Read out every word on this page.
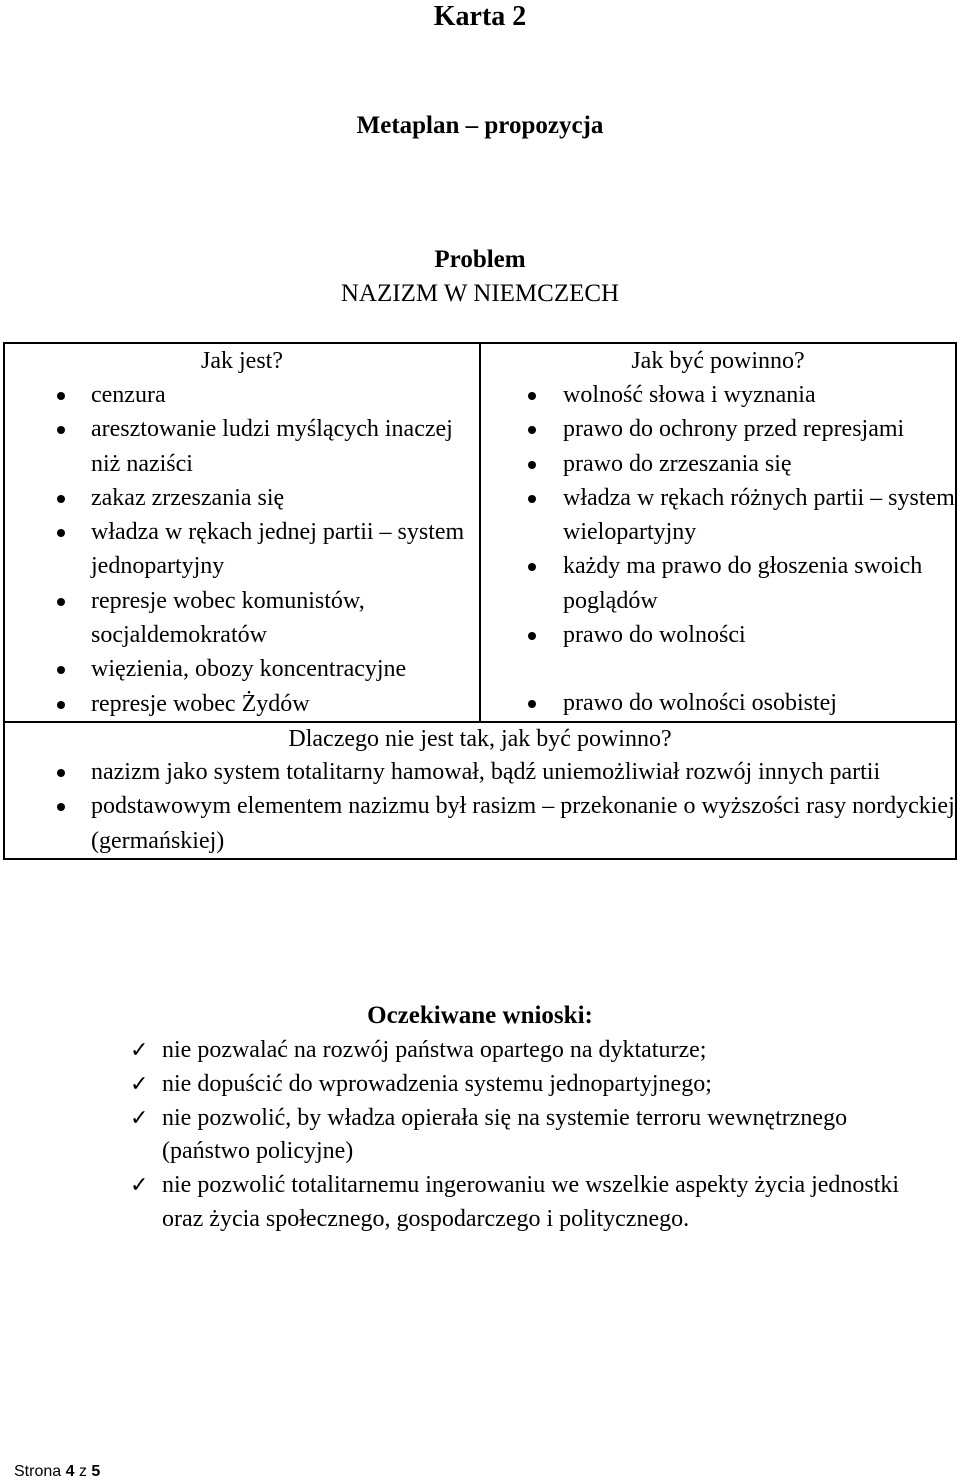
Karta 2
Metaplan – propozycja
Problem
NAZIZM W NIEMCZECH
Jak jest?
cenzura
aresztowanie ludzi myślących inaczej niż naziści
zakaz zrzeszania się
władza w rękach jednej partii – system jednopartyjny
represje wobec komunistów, socjaldemokratów
więzienia, obozy koncentracyjne
represje wobec Żydów

Jak być powinno?
wolność słowa i wyznania
prawo do ochrony przed represjami
prawo do zrzeszania się
władza w rękach różnych partii – system wielopartyjny
każdy ma prawo do głoszenia swoich poglądów
prawo do wolności
prawo do wolności osobistej

Dlaczego nie jest tak, jak być powinno?
nazizm jako system totalitarny hamował, bądź uniemożliwiał rozwój innych partii
podstawowym elementem nazizmu był rasizm – przekonanie o wyższości rasy nordyckiej (germańskiej)
Oczekiwane wnioski:
✓ nie pozwalać na rozwój państwa opartego na dyktaturze;
✓ nie dopuścić do wprowadzenia systemu jednopartyjnego;
✓ nie pozwolić, by władza opierała się na systemie terroru wewnętrznego (państwo policyjne)
✓ nie pozwolić totalitarnemu ingerowaniu we wszelkie aspekty życia jednostki oraz życia społecznego, gospodarczego i politycznego.
Strona 4 z 5
